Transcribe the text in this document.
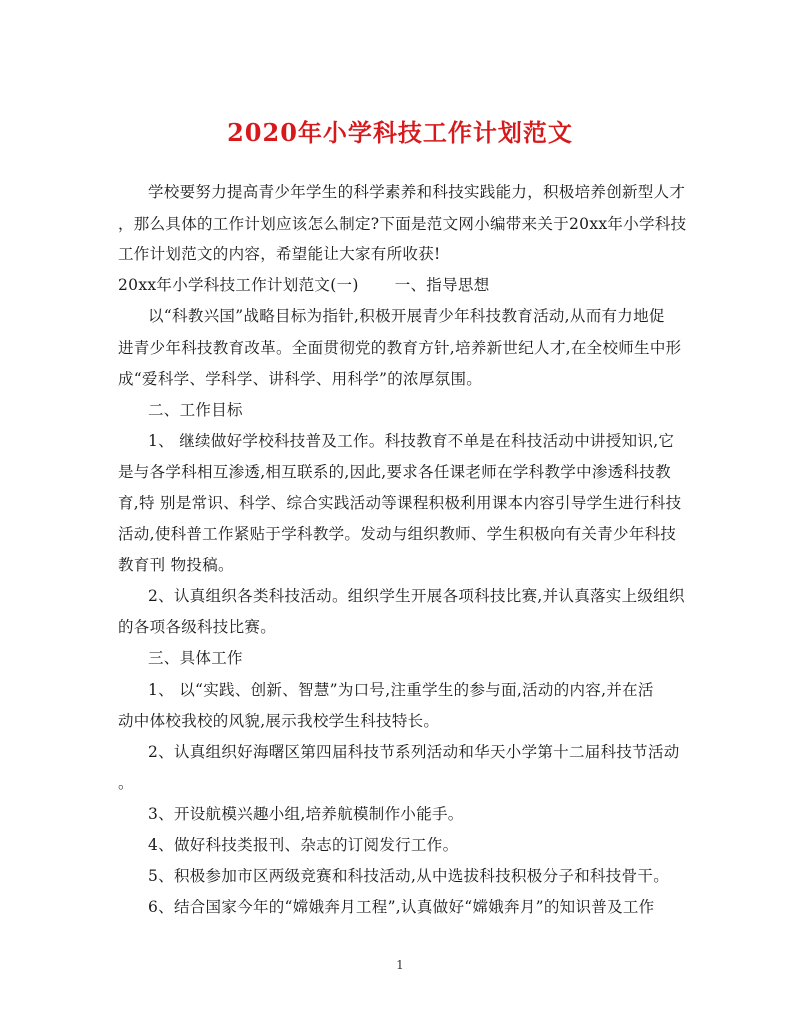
2020年小学科技工作计划范文
学校要努力提高青少年学生的科学素养和科技实践能力，积极培养创新型人才
，那么具体的工作计划应该怎么制定?下面是范文网小编带来关于20xx年小学科技
工作计划范文的内容，希望能让大家有所收获!
20xx年小学科技工作计划范文(一) 一、指导思想
以“科教兴国”战略目标为指针,积极开展青少年科技教育活动,从而有力地促
进青少年科技教育改革。全面贯彻党的教育方针,培养新世纪人才,在全校师生中形
成“爱科学、学科学、讲科学、用科学”的浓厚氛围。
二、工作目标
1、 继续做好学校科技普及工作。科技教育不单是在科技活动中讲授知识,它
是与各学科相互渗透,相互联系的,因此,要求各任课老师在学科教学中渗透科技教
育,特 别是常识、科学、综合实践活动等课程积极利用课本内容引导学生进行科技
活动,使科普工作紧贴于学科教学。发动与组织教师、学生积极向有关青少年科技
教育刊 物投稿。
2、认真组织各类科技活动。组织学生开展各项科技比赛,并认真落实上级组织
的各项各级科技比赛。
三、具体工作
1、 以“实践、创新、智慧”为口号,注重学生的参与面,活动的内容,并在活
动中体校我校的风貌,展示我校学生科技特长。
2、认真组织好海曙区第四届科技节系列活动和华天小学第十二届科技节活动
。
3、开设航模兴趣小组,培养航模制作小能手。
4、做好科技类报刊、杂志的订阅发行工作。
5、积极参加市区两级竞赛和科技活动,从中选拔科技积极分子和科技骨干。
6、结合国家今年的“嫦娥奔月工程”,认真做好“嫦娥奔月”的知识普及工作
1
